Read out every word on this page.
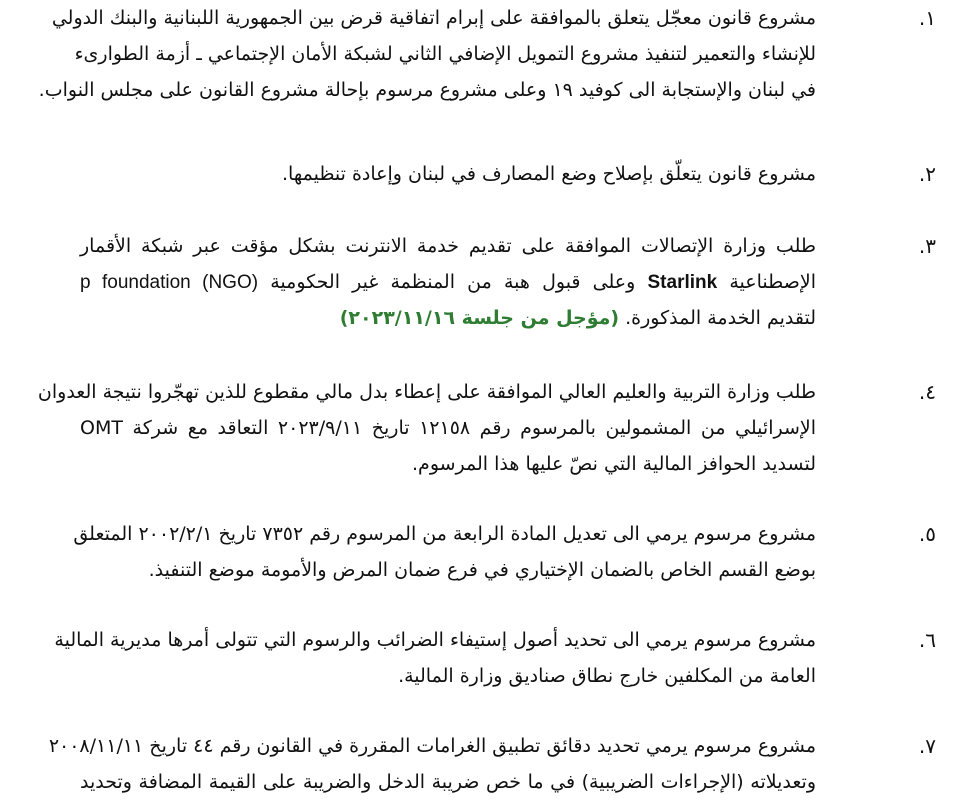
١.
مشروع قانون معجّل يتعلق بالموافقة على إبرام اتفاقية قرض بين الجمهورية اللبنانية والبنك الدولي
للإنشاء والتعمير لتنفيذ مشروع التمويل الإضافي الثاني لشبكة الأمان الإجتماعي ـ أزمة الطوارىء
في لبنان والإستجابة الى كوفيد ١٩ وعلى مشروع مرسوم بإحالة مشروع القانون على مجلس النواب.
٢.
مشروع قانون يتعلّق بإصلاح وضع المصارف في لبنان وإعادة تنظيمها.
٣.
طلب وزارة الإتصالات الموافقة على تقديم خدمة الانترنت بشكل مؤقت عبر شبكة الأقمار
الإصطناعية Starlink وعلى قبول هبة من المنظمة غير الحكومية p foundation (NGO)
لتقديم الخدمة المذكورة. (مؤجل من جلسة ٢٠٢٣/١١/١٦)
٤.
طلب وزارة التربية والعليم العالي الموافقة على إعطاء بدل مالي مقطوع للذين تهجّروا نتيجة العدوان
الإسرائيلي من المشمولين بالمرسوم رقم ١٢١٥٨ تاريخ ٢٠٢٣/٩/١١ التعاقد مع شركة OMT
لتسديد الحوافز المالية التي نصّ عليها هذا المرسوم.
٥.
مشروع مرسوم يرمي الى تعديل المادة الرابعة من المرسوم رقم ٧٣٥٢ تاريخ ٢٠٠٢/٢/١ المتعلق
بوضع القسم الخاص بالضمان الإختياري في فرع ضمان المرض والأمومة موضع التنفيذ.
٦.
مشروع مرسوم يرمي الى تحديد أصول إستيفاء الضرائب والرسوم التي تتولى أمرها مديرية المالية
العامة من المكلفين خارج نطاق صناديق وزارة المالية.
٧.
مشروع مرسوم يرمي تحديد دقائق تطبيق الغرامات المقررة في القانون رقم ٤٤ تاريخ ٢٠٠٨/١١/١١
وتعديلاته (الإجراءات الضريبية) في ما خص ضريبة الدخل والضريبة على القيمة المضافة وتحديد
